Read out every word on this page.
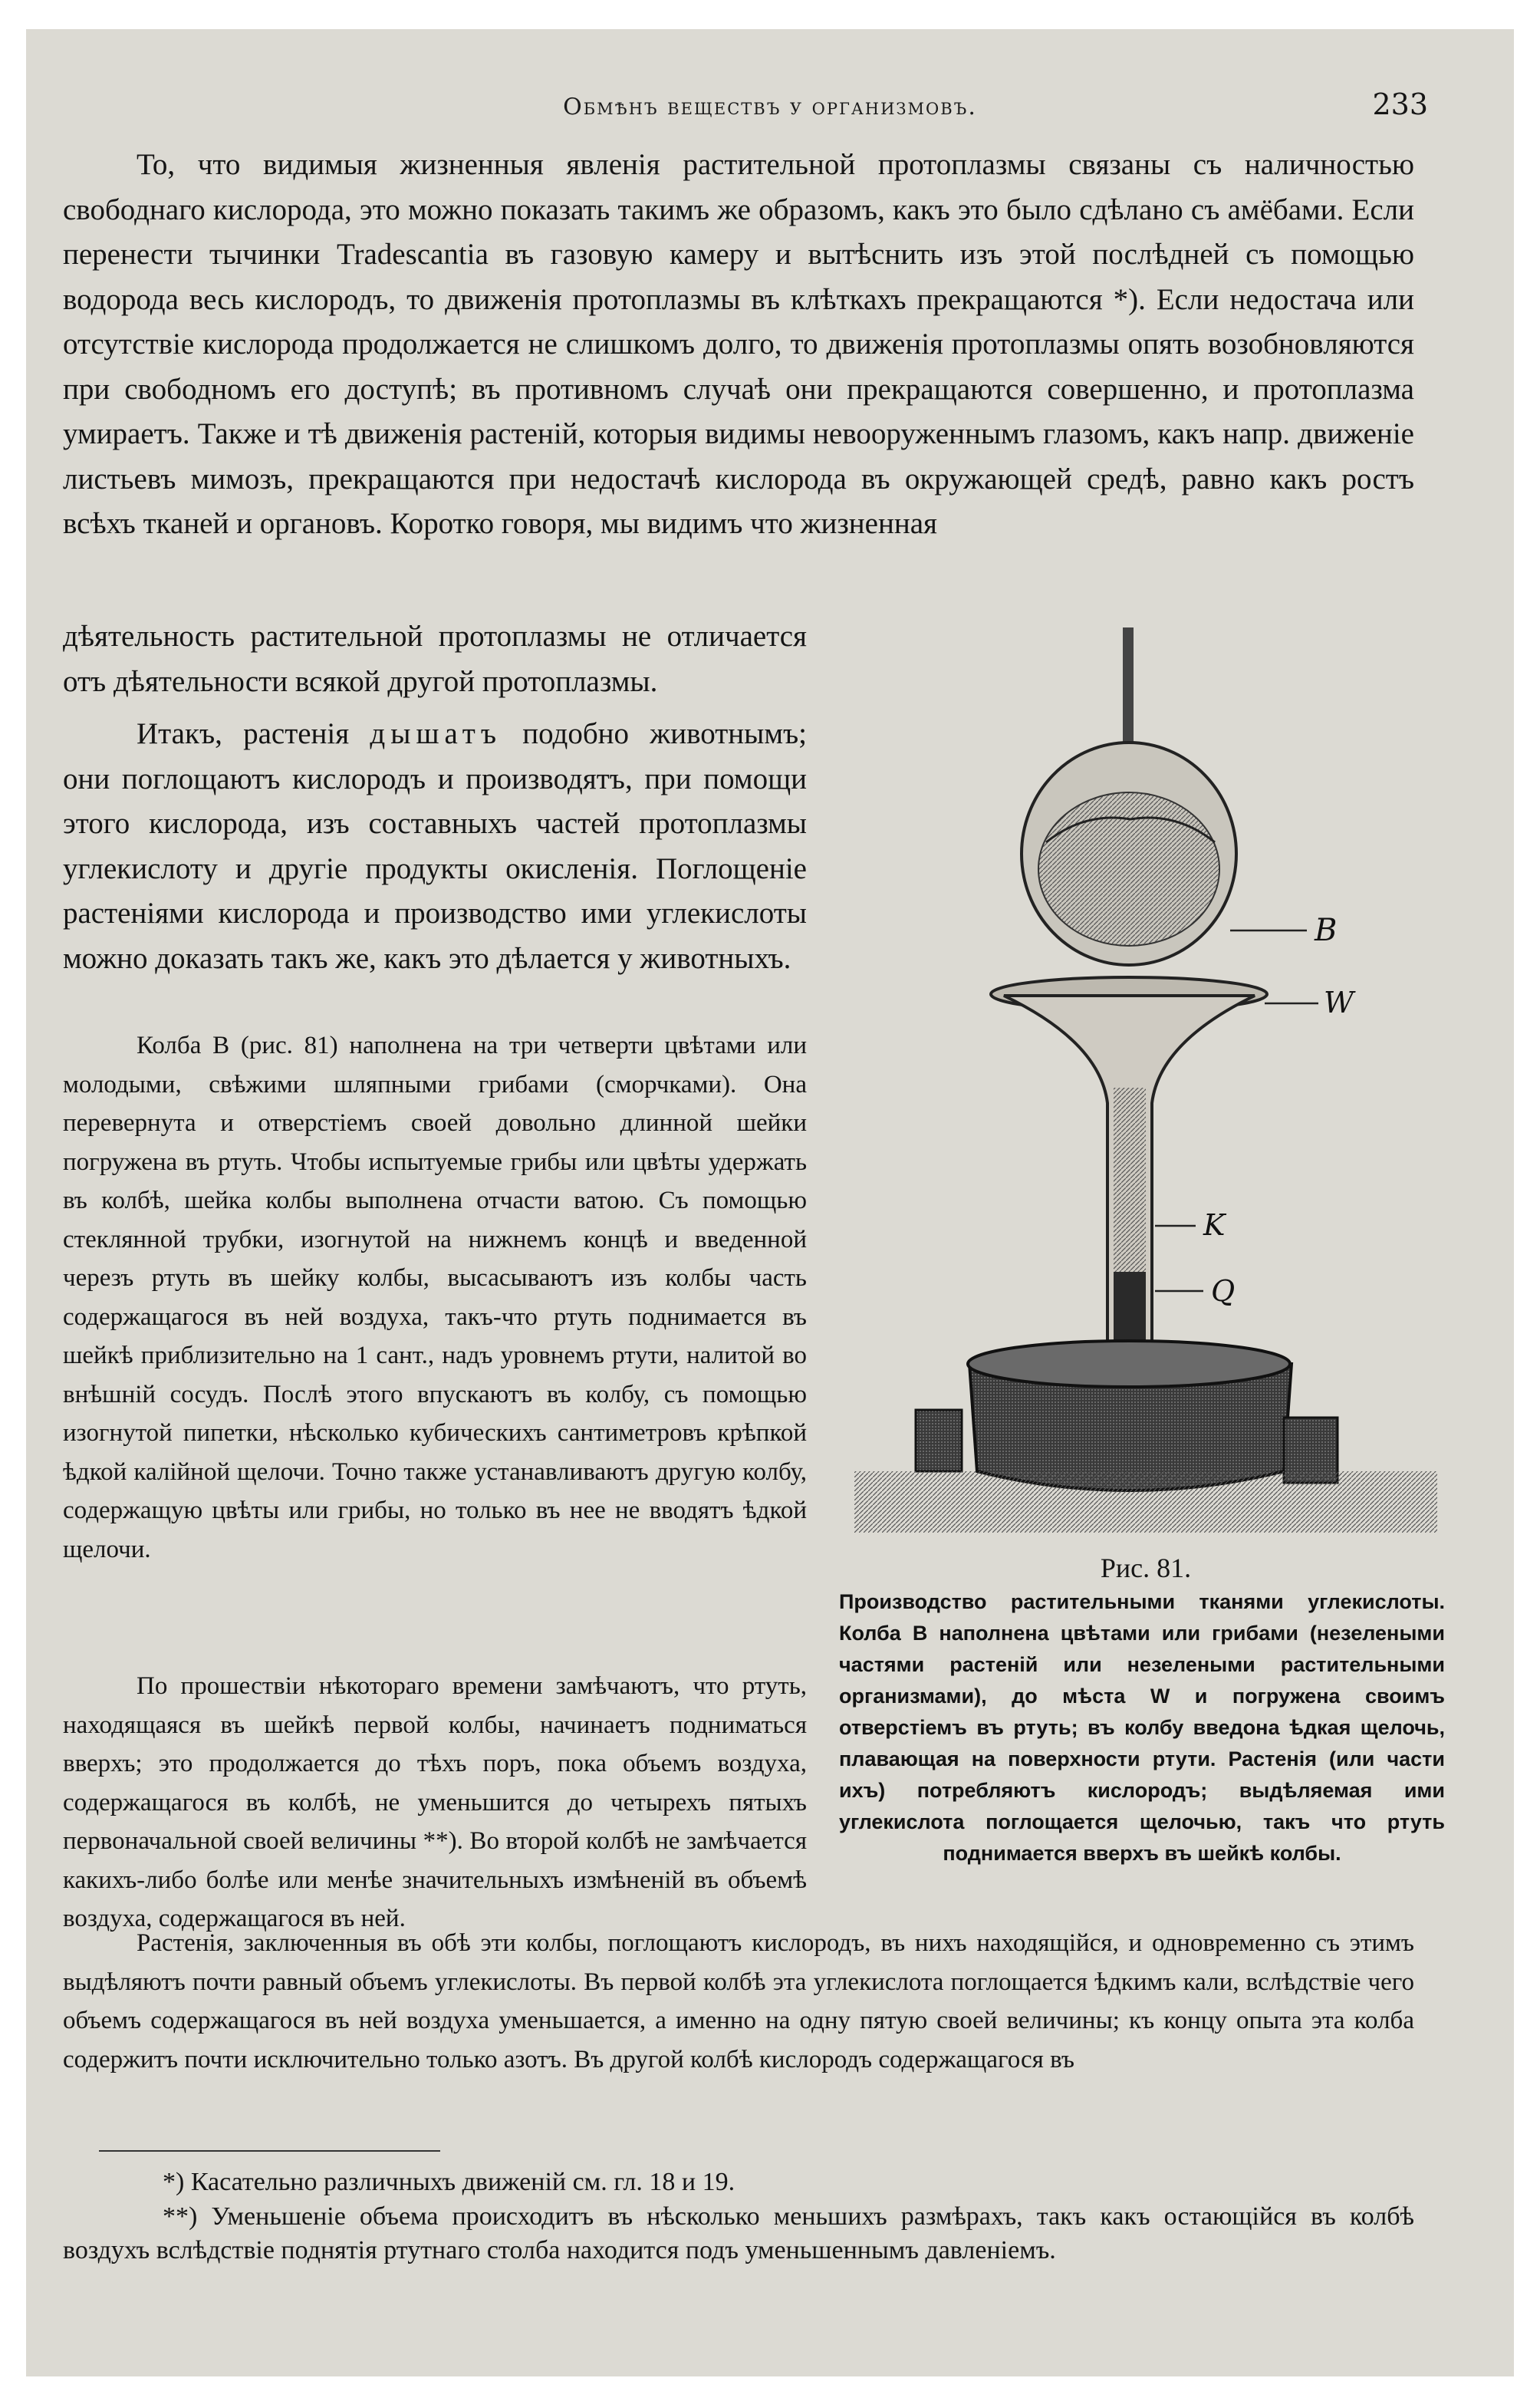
Обмѣнъ веществъ у организмовъ.	233
То, что видимыя жизненныя явленія растительной протоплазмы связаны съ наличностью свободнаго кислорода, это можно показать такимъ же образомъ, какъ это было сдѣлано съ амёбами. Если перенести тычинки Tradescantia въ газовую камеру и вытѣснить изъ этой послѣдней съ помощью водорода весь кислородъ, то движенія протоплазмы въ клѣткахъ прекращаются *). Если недостача или отсутствіе кислорода продолжается не слишкомъ долго, то движенія протоплазмы опять возобновляются при свободномъ его доступѣ; въ противномъ случаѣ они прекращаются совершенно, и протоплазма умираетъ. Также и тѣ движенія растеній, которыя видимы невооруженнымъ глазомъ, какъ напр. движеніе листьевъ мимозъ, прекращаются при недостачѣ кислорода въ окружающей средѣ, равно какъ ростъ всѣхъ тканей и органовъ. Коротко говоря, мы видимъ что жизненная
дѣятельность растительной протоплазмы не отличается отъ дѣятельности всякой другой протоплазмы.
Итакъ, растенія дышатъ подобно животнымъ; они поглощаютъ кислородъ и производятъ, при помощи этого кислорода, изъ составныхъ частей протоплазмы углекислоту и другіе продукты окисленія. Поглощеніе растеніями кислорода и производство ими углекислоты можно доказать такъ же, какъ это дѣлается у животныхъ.
Колба B (рис. 81) наполнена на три четверти цвѣтами или молодыми, свѣжими шляпными грибами (сморчками). Она перевернута и отверстіемъ своей довольно длинной шейки погружена въ ртуть. Чтобы испытуемые грибы или цвѣты удержать въ колбѣ, шейка колбы выполнена отчасти ватою. Съ помощью стеклянной трубки, изогнутой на нижнемъ концѣ и введенной черезъ ртуть въ шейку колбы, высасываютъ изъ колбы часть содержащагося въ ней воздуха, такъ-что ртуть поднимается въ шейкѣ приблизительно на 1 сант., надъ уровнемъ ртути, налитой во внѣшній сосудъ. Послѣ этого впускаютъ въ колбу, съ помощью изогнутой пипетки, нѣсколько кубическихъ сантиметровъ крѣпкой ѣдкой калійной щелочи. Точно также устанавливаютъ другую колбу, содержащую цвѣты или грибы, но только въ нее не вводятъ ѣдкой щелочи.
По прошествіи нѣкотораго времени замѣчаютъ, что ртуть, находящаяся въ шейкѣ первой колбы, начинаетъ подниматься вверхъ; это продолжается до тѣхъ поръ, пока объемъ воздуха, содержащагося въ колбѣ, не уменьшится до четырехъ пятыхъ первоначальной своей величины **). Во второй колбѣ не замѣчается какихъ-либо болѣе или менѣе значительныхъ измѣненій въ объемѣ воздуха, содержащагося въ ней.
Растенія, заключенныя въ обѣ эти колбы, поглощаютъ кислородъ, въ нихъ находящійся, и одновременно съ этимъ выдѣляютъ почти равный объемъ углекислоты. Въ первой колбѣ эта углекислота поглощается ѣдкимъ кали, вслѣдствіе чего объемъ содержащагося въ ней воздуха уменьшается, а именно на одну пятую своей величины; къ концу опыта эта колба содержитъ почти исключительно только азотъ. Въ другой колбѣ кислородъ содержащагося въ
B
W
K
Q
Рис. 81.
Производство растительными тканями углекислоты. Колба B наполнена цвѣтами или грибами (незелеными частями растеній или незелеными растительными организмами), до мѣста W и погружена своимъ отверстіемъ въ ртуть; въ колбу введона ѣдкая щелочь, плавающая на поверхности ртути. Растенія (или части ихъ) потребляютъ кислородъ; выдѣляемая ими углекислота поглощается щелочью, такъ что ртуть поднимается вверхъ въ шейкѣ колбы.
*) Касательно различныхъ движеній см. гл. 18 и 19.
**) Уменьшеніе объема происходитъ въ нѣсколько меньшихъ размѣрахъ, такъ какъ остающійся въ колбѣ воздухъ вслѣдствіе поднятія ртутнаго столба находится подъ уменьшеннымъ давленіемъ.
